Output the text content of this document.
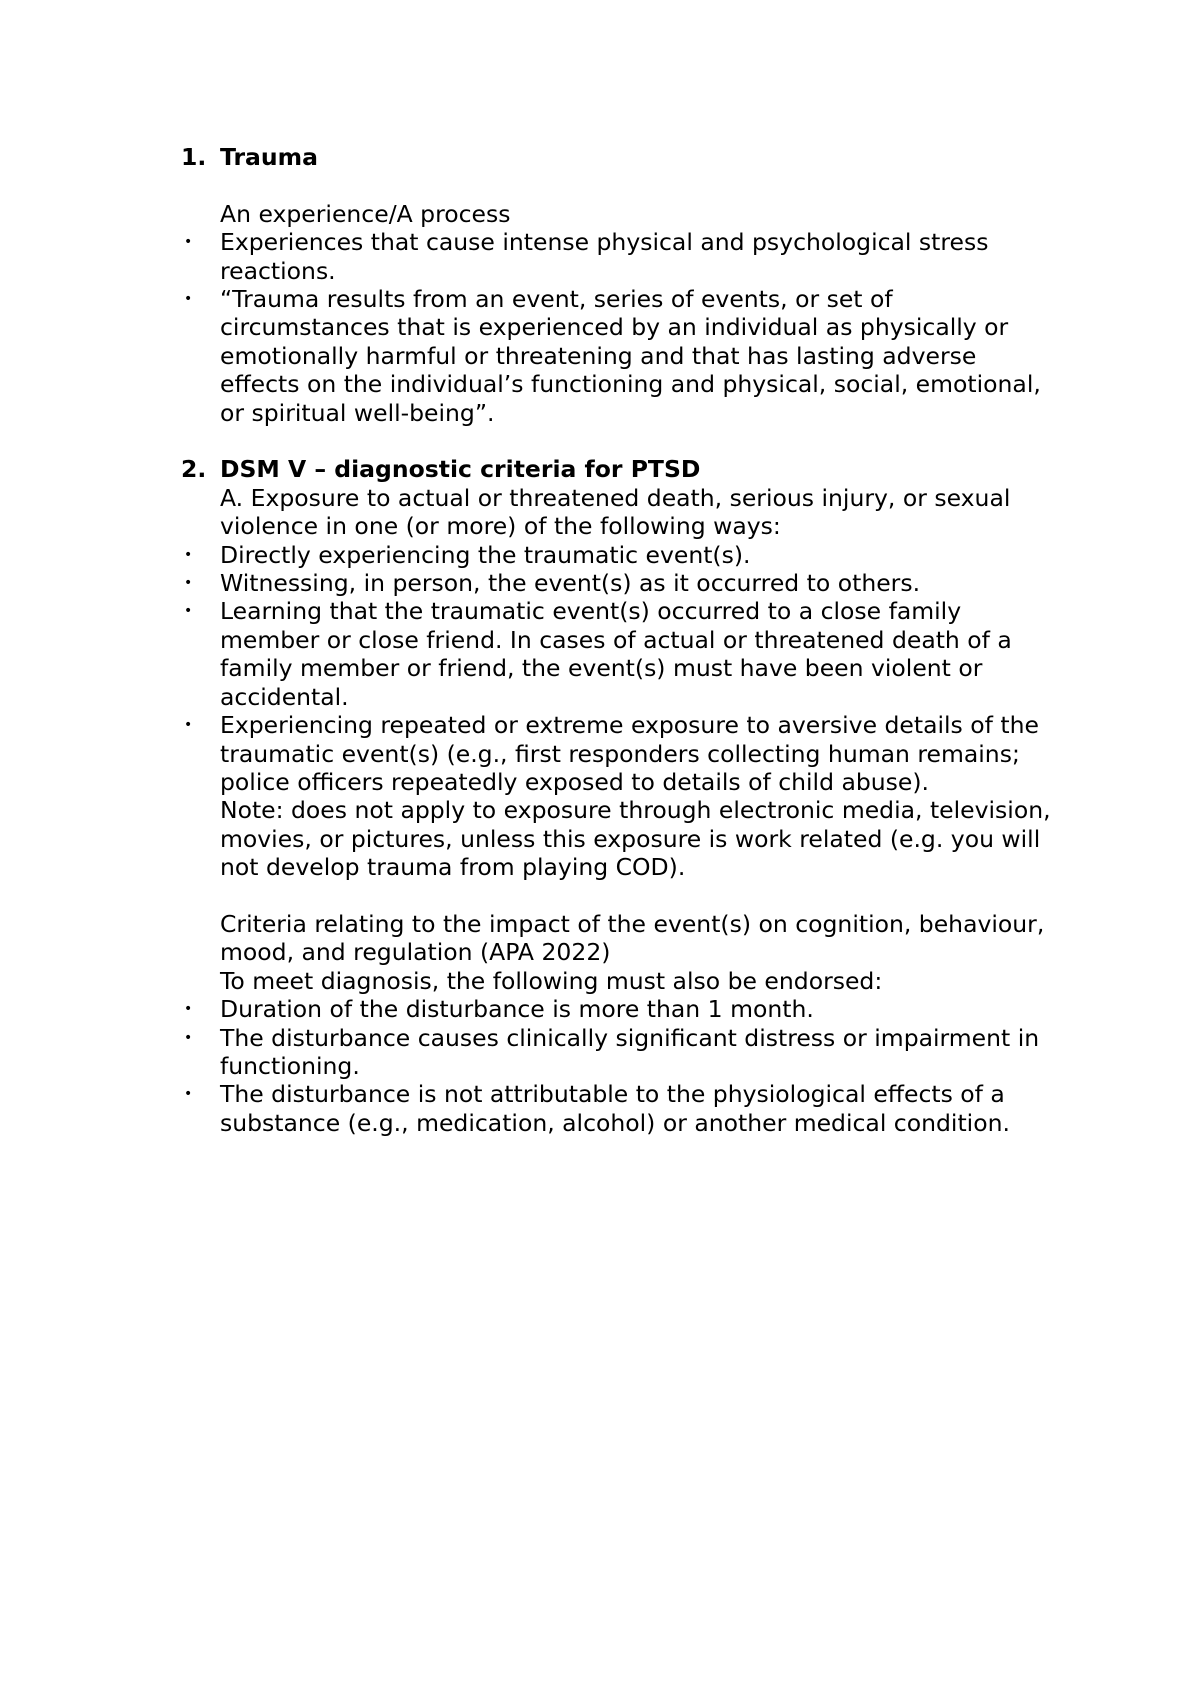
1. Trauma
An experience/A process
•	Experiences that cause intense physical and psychological stress reactions.
•	“Trauma results from an event, series of events, or set of circumstances that is experienced by an individual as physically or emotionally harmful or threatening and that has lasting adverse effects on the individual’s functioning and physical, social, emotional, or spiritual well-being”.
2. DSM V – diagnostic criteria for PTSD
A. Exposure to actual or threatened death, serious injury, or sexual violence in one (or more) of the following ways:
•	Directly experiencing the traumatic event(s).
•	Witnessing, in person, the event(s) as it occurred to others.
•	Learning that the traumatic event(s) occurred to a close family member or close friend. In cases of actual or threatened death of a family member or friend, the event(s) must have been violent or accidental.
•	Experiencing repeated or extreme exposure to aversive details of the traumatic event(s) (e.g., first responders collecting human remains; police officers repeatedly exposed to details of child abuse).
Note: does not apply to exposure through electronic media, television, movies, or pictures, unless this exposure is work related (e.g. you will not develop trauma from playing COD).
Criteria relating to the impact of the event(s) on cognition, behaviour, mood, and regulation (APA 2022)
To meet diagnosis, the following must also be endorsed:
•	Duration of the disturbance is more than 1 month.
•	The disturbance causes clinically significant distress or impairment in functioning.
•	The disturbance is not attributable to the physiological effects of a substance (e.g., medication, alcohol) or another medical condition.
